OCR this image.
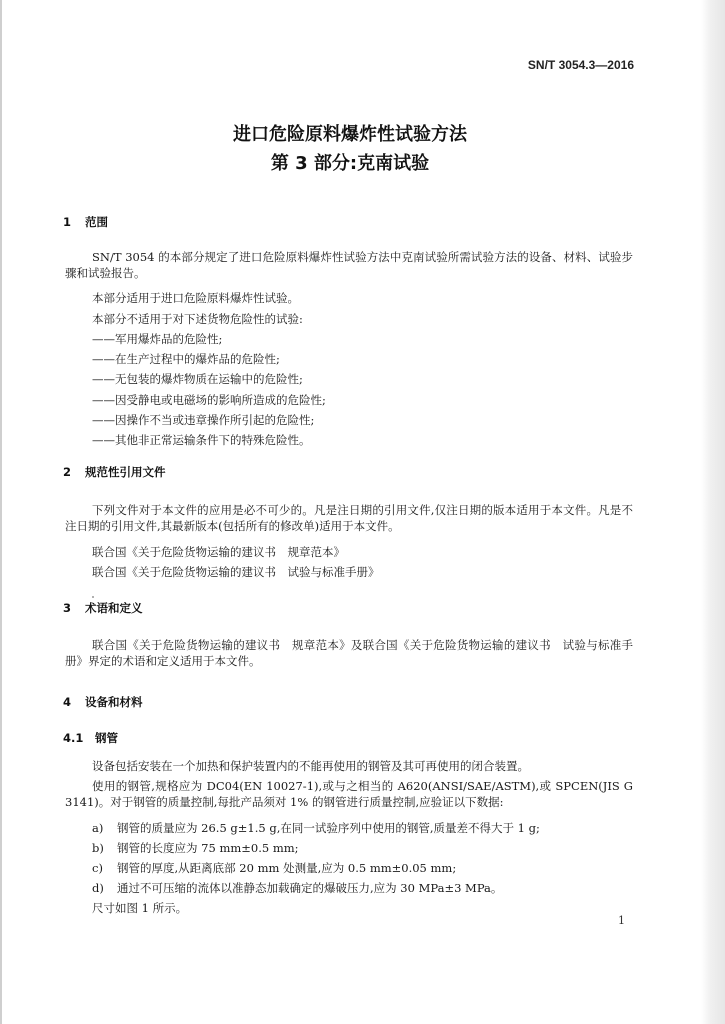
SN/T 3054.3—2016
进口危险原料爆炸性试验方法
第 3 部分:克南试验
1 范围
SN/T 3054 的本部分规定了进口危险原料爆炸性试验方法中克南试验所需试验方法的设备、材料、试验步骤和试验报告。
本部分适用于进口危险原料爆炸性试验。
本部分不适用于对下述货物危险性的试验:
——军用爆炸品的危险性;
——在生产过程中的爆炸品的危险性;
——无包装的爆炸物质在运输中的危险性;
——因受静电或电磁场的影响所造成的危险性;
——因操作不当或违章操作所引起的危险性;
——其他非正常运输条件下的特殊危险性。
2 规范性引用文件
下列文件对于本文件的应用是必不可少的。凡是注日期的引用文件,仅注日期的版本适用于本文件。凡是不注日期的引用文件,其最新版本(包括所有的修改单)适用于本文件。
联合国《关于危险货物运输的建议书　规章范本》
联合国《关于危险货物运输的建议书　试验与标准手册》
3 术语和定义
联合国《关于危险货物运输的建议书　规章范本》及联合国《关于危险货物运输的建议书　试验与标准手册》界定的术语和定义适用于本文件。
4 设备和材料
4.1 钢管
设备包括安装在一个加热和保护装置内的不能再使用的钢管及其可再使用的闭合装置。
使用的钢管,规格应为 DC04(EN 10027-1),或与之相当的 A620(ANSI/SAE/ASTM),或 SPCEN(JIS G 3141)。对于钢管的质量控制,每批产品须对 1% 的钢管进行质量控制,应验证以下数据:
a) 钢管的质量应为 26.5 g±1.5 g,在同一试验序列中使用的钢管,质量差不得大于 1 g;
b) 钢管的长度应为 75 mm±0.5 mm;
c) 钢管的厚度,从距离底部 20 mm 处测量,应为 0.5 mm±0.05 mm;
d) 通过不可压缩的流体以准静态加载确定的爆破压力,应为 30 MPa±3 MPa。
尺寸如图 1 所示。
1
